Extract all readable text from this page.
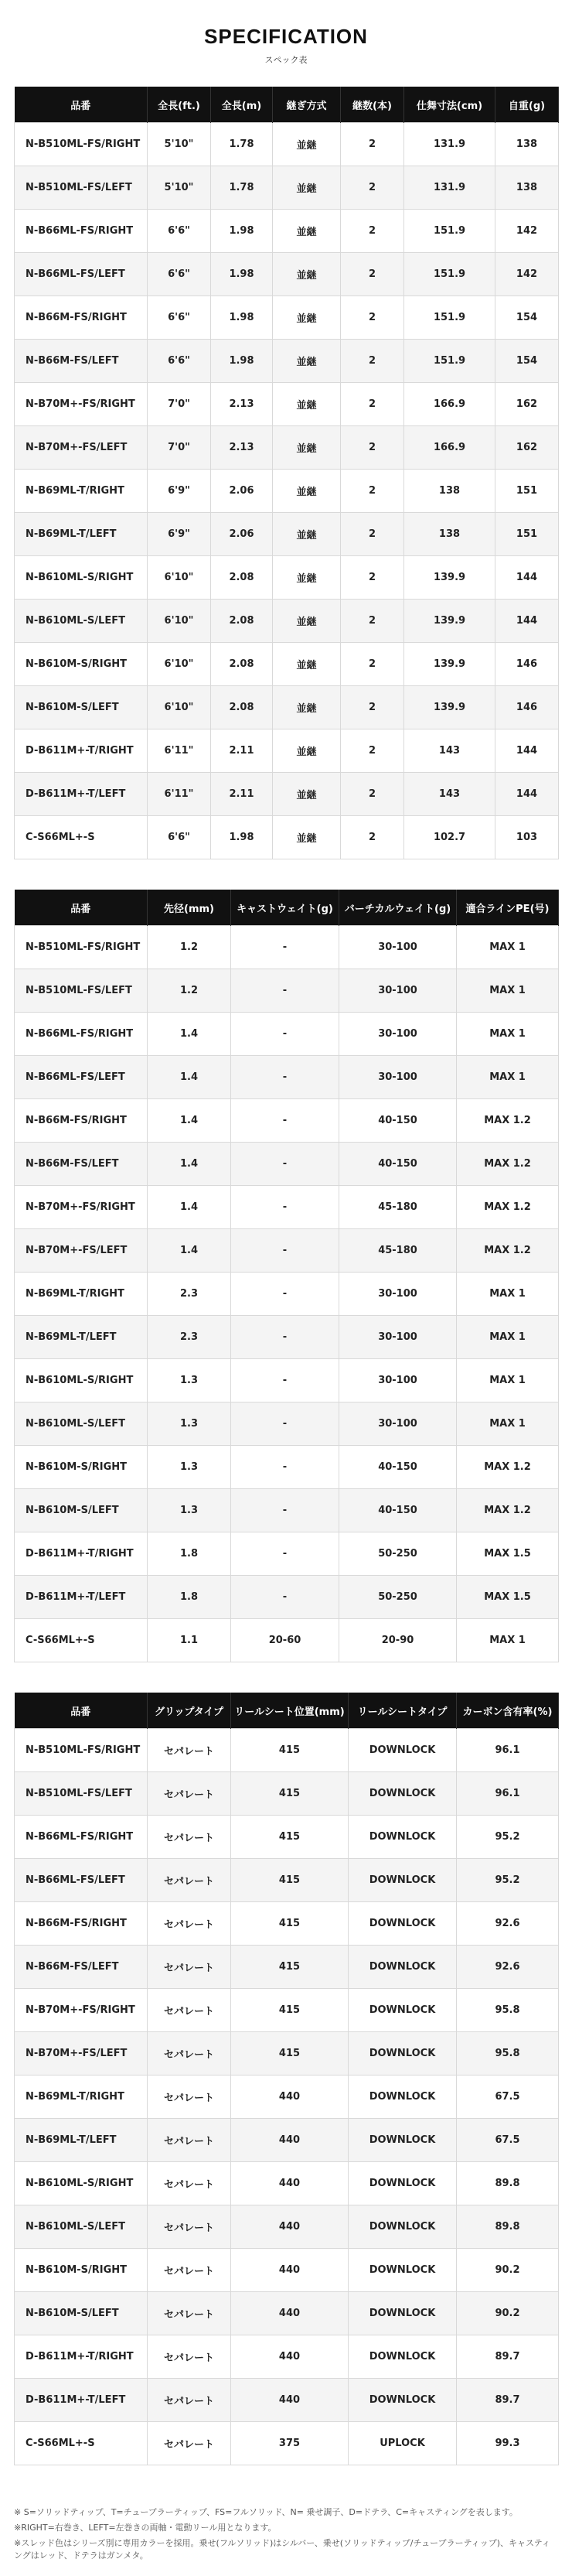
SPECIFICATION
スペック表
品番	全長(ft.)	全長(m)	継ぎ方式	継数(本)	仕舞寸法(cm)	自重(g)
N-B510ML-FS/RIGHT	5'10"	1.78	並継	2	131.9	138
N-B510ML-FS/LEFT	5'10"	1.78	並継	2	131.9	138
N-B66ML-FS/RIGHT	6'6"	1.98	並継	2	151.9	142
N-B66ML-FS/LEFT	6'6"	1.98	並継	2	151.9	142
N-B66M-FS/RIGHT	6'6"	1.98	並継	2	151.9	154
N-B66M-FS/LEFT	6'6"	1.98	並継	2	151.9	154
N-B70M+-FS/RIGHT	7'0"	2.13	並継	2	166.9	162
N-B70M+-FS/LEFT	7'0"	2.13	並継	2	166.9	162
N-B69ML-T/RIGHT	6'9"	2.06	並継	2	138	151
N-B69ML-T/LEFT	6'9"	2.06	並継	2	138	151
N-B610ML-S/RIGHT	6'10"	2.08	並継	2	139.9	144
N-B610ML-S/LEFT	6'10"	2.08	並継	2	139.9	144
N-B610M-S/RIGHT	6'10"	2.08	並継	2	139.9	146
N-B610M-S/LEFT	6'10"	2.08	並継	2	139.9	146
D-B611M+-T/RIGHT	6'11"	2.11	並継	2	143	144
D-B611M+-T/LEFT	6'11"	2.11	並継	2	143	144
C-S66ML+-S	6'6"	1.98	並継	2	102.7	103
品番	先径(mm)	キャストウェイト(g)	バーチカルウェイト(g)	適合ラインPE(号)
N-B510ML-FS/RIGHT	1.2	-	30-100	MAX 1
N-B510ML-FS/LEFT	1.2	-	30-100	MAX 1
N-B66ML-FS/RIGHT	1.4	-	30-100	MAX 1
N-B66ML-FS/LEFT	1.4	-	30-100	MAX 1
N-B66M-FS/RIGHT	1.4	-	40-150	MAX 1.2
N-B66M-FS/LEFT	1.4	-	40-150	MAX 1.2
N-B70M+-FS/RIGHT	1.4	-	45-180	MAX 1.2
N-B70M+-FS/LEFT	1.4	-	45-180	MAX 1.2
N-B69ML-T/RIGHT	2.3	-	30-100	MAX 1
N-B69ML-T/LEFT	2.3	-	30-100	MAX 1
N-B610ML-S/RIGHT	1.3	-	30-100	MAX 1
N-B610ML-S/LEFT	1.3	-	30-100	MAX 1
N-B610M-S/RIGHT	1.3	-	40-150	MAX 1.2
N-B610M-S/LEFT	1.3	-	40-150	MAX 1.2
D-B611M+-T/RIGHT	1.8	-	50-250	MAX 1.5
D-B611M+-T/LEFT	1.8	-	50-250	MAX 1.5
C-S66ML+-S	1.1	20-60	20-90	MAX 1
品番	グリップタイプ	リールシート位置(mm)	リールシートタイプ	カーボン含有率(%)
N-B510ML-FS/RIGHT	セパレート	415	DOWNLOCK	96.1
N-B510ML-FS/LEFT	セパレート	415	DOWNLOCK	96.1
N-B66ML-FS/RIGHT	セパレート	415	DOWNLOCK	95.2
N-B66ML-FS/LEFT	セパレート	415	DOWNLOCK	95.2
N-B66M-FS/RIGHT	セパレート	415	DOWNLOCK	92.6
N-B66M-FS/LEFT	セパレート	415	DOWNLOCK	92.6
N-B70M+-FS/RIGHT	セパレート	415	DOWNLOCK	95.8
N-B70M+-FS/LEFT	セパレート	415	DOWNLOCK	95.8
N-B69ML-T/RIGHT	セパレート	440	DOWNLOCK	67.5
N-B69ML-T/LEFT	セパレート	440	DOWNLOCK	67.5
N-B610ML-S/RIGHT	セパレート	440	DOWNLOCK	89.8
N-B610ML-S/LEFT	セパレート	440	DOWNLOCK	89.8
N-B610M-S/RIGHT	セパレート	440	DOWNLOCK	90.2
N-B610M-S/LEFT	セパレート	440	DOWNLOCK	90.2
D-B611M+-T/RIGHT	セパレート	440	DOWNLOCK	89.7
D-B611M+-T/LEFT	セパレート	440	DOWNLOCK	89.7
C-S66ML+-S	セパレート	375	UPLOCK	99.3

※ S=ソリッドティップ、T=チューブラーティップ、FS=フルソリッド、N= 乗せ調子、D=ドテラ、C=キャスティングを表します。

※RIGHT=右巻き、LEFT=左巻きの両軸・電動リール用となります。

※スレッド色はシリーズ別に専用カラーを採用。乗せ(フルソリッド)はシルバー、乗せ(ソリッドティップ/チューブラーティップ)、キャスティングはレッド、ドテラはガンメタ。
